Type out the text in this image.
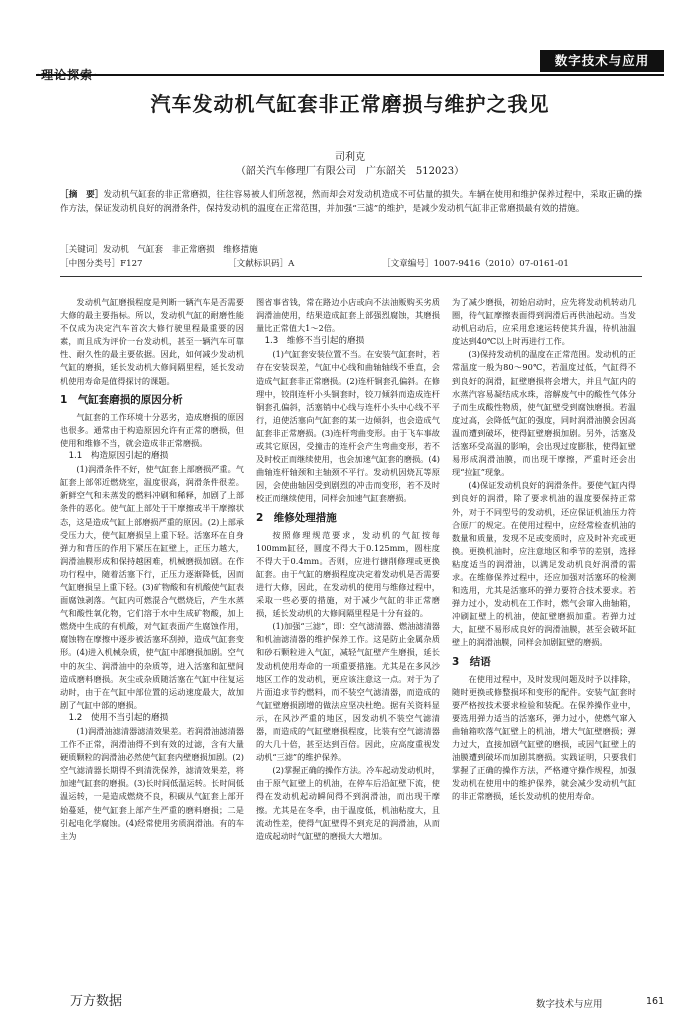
数字技术与应用
汽车发动机气缸套非正常磨损与维护之我见
司利克
（韶关汽车修理厂有限公司　广东韶关　512023）
［摘　要］发动机气缸套的非正常磨损，往往容易被人们所忽视，然而却会对发动机造成不可估量的损失。车辆在使用和维护保养过程中，采取正确的操作方法，保证发动机良好的润滑条件，保持发动机的温度在正常范围，并加强“三滤”的维护，是减少发动机气缸非正常磨损最有效的措施。
［关键词］发动机　气缸套　非正常磨损　维修措施
［中图分类号］F127	［文献标识码］A	［文章编号］1007-9416（2010）07-0161-01

发动机气缸磨损程度是判断一辆汽车是否需要大修的最主要指标。所以，发动机气缸的耐磨性能不仅成为决定汽车首次大修行驶里程最重要的因素，而且成为评价一台发动机，甚至一辆汽车可靠性、耐久性的最主要依据。因此，如何减少发动机气缸的磨损，延长发动机大修间隔里程，延长发动机使用寿命是值得探讨的课题。

1　气缸套磨损的原因分析

气缸套的工作环境十分恶劣，造成磨损的原因也很多。通常由于构造原因允许有正常的磨损，但使用和维修不当，就会造成非正常磨损。

1.1　构造原因引起的磨损

(1)润滑条件不好，使气缸套上部磨损严重。气缸套上部邻近燃烧室，温度很高，润滑条件很差。新鲜空气和未蒸发的燃料冲刷和稀释，加剧了上部条件的恶化。使气缸上部处于干摩擦或半干摩擦状态，这是造成气缸上部磨损严重的原因。(2)上部承受压力大，使气缸磨损呈上重下轻。活塞环在自身弹力和背压的作用下紧压在缸壁上，正压力越大，润滑油膜形成和保持越困难，机械磨损加剧。在作功行程中，随着活塞下行，正压力逐渐降低，因而气缸磨损呈上重下轻。(3)矿物酸和有机酸使气缸表面腐蚀剥落。气缸内可燃混合气燃烧后，产生水蒸气和酸性氧化物，它们溶于水中生成矿物酸，加上燃烧中生成的有机酸，对气缸表面产生腐蚀作用，腐蚀物在摩擦中逐步被活塞环刮掉，造成气缸套变形。(4)进入机械杂质，使气缸中部磨损加剧。空气中的灰尘、润滑油中的杂质等，进入活塞和缸壁间造成磨料磨损。灰尘或杂质随活塞在气缸中往复运动时，由于在气缸中部位置的运动速度最大，故加剧了气缸中部的磨损。

1.2　使用不当引起的磨损

(1)润滑油滤清器滤清效果差。若润滑油滤清器工作不正常，润滑油得不到有效的过滤，含有大量硬质颗粒的润滑油必然使气缸套内壁磨损加剧。(2)空气滤清器长期得不到清洗保养，滤清效果差，将加速气缸套的磨损。(3)长时间低温运转。长时间低温运转，一是造成燃烧不良，积碳从气缸套上部开始蔓延，使气缸套上部产生严重的磨料磨损；二是引起电化学腐蚀。(4)经常使用劣质润滑油。有的车主为

图省事省钱，常在路边小店或向不法油贩购买劣质润滑油使用，结果造成缸套上部强烈腐蚀，其磨损量比正常值大1～2倍。

1.3　维修不当引起的磨损

(1)气缸套安装位置不当。在安装气缸套时，若存在安装误差，气缸中心线和曲轴轴线不垂直，会造成气缸套非正常磨损。(2)连杆铜套孔偏斜。在修理中，铰削连杆小头铜套时，铰刀倾斜而造成连杆铜套孔偏斜，活塞销中心线与连杆小头中心线不平行，迫使活塞向气缸套的某一边倾斜，也会造成气缸套非正常磨损。(3)连杆弯曲变形。由于飞车事故或其它原因，受撞击的连杆会产生弯曲变形，若不及时校正而继续使用，也会加速气缸套的磨损。(4)曲轴连杆轴颈和主轴颈不平行。发动机因烧瓦等原因，会使曲轴因受到剧烈的冲击而变形，若不及时校正而继续使用，同样会加速气缸套磨损。

2　维修处理措施

按照修理规范要求，发动机的气缸按每100mm缸径，圆度不得大于0.125mm，圆柱度不得大于0.4mm。否则，应进行搪削修理或更换缸套。由于气缸的磨损程度决定着发动机是否需要进行大修，因此，在发动机的使用与维修过程中，采取一些必要的措施，对于减少气缸的非正常磨损，延长发动机的大修间隔里程是十分有益的。

(1)加强“三滤”，即：空气滤清器、燃油滤清器和机油滤清器的维护保养工作。这是防止金属杂质和砂石颗粒进入气缸，减轻气缸壁产生磨损，延长发动机使用寿命的一项重要措施。尤其是在多风沙地区工作的发动机，更应该注意这一点。对于为了片面追求节约燃料，而不装空气滤清器，而造成的气缸壁磨损剧增的做法应坚决杜绝。据有关资料显示，在风沙严重的地区，因发动机不装空气滤清器，而造成的气缸壁磨损程度，比装有空气滤清器的大几十倍，甚至达到百倍。因此，应高度重视发动机“三滤”的维护保养。

(2)掌握正确的操作方法。冷车起动发动机时，由于原气缸壁上的机油，在停车后沿缸壁下流，使得在发动机起动瞬间得不到润滑油，而出现干摩擦。尤其是在冬季，由于温度低，机油粘度大，且流动性差，使得气缸壁得不到充足的润滑油，从而造成起动时气缸壁的磨损大大增加。

为了减少磨损，初始启动时，应先将发动机转动几圈，待气缸摩擦表面得到润滑后再供油起动。当发动机启动后，应采用怠速运转使其升温，待机油温度达到40℃以上时再进行工作。

(3)保持发动机的温度在正常范围。发动机的正常温度一般为80～90℃，若温度过低，气缸得不到良好的润滑，缸壁磨损将会增大，并且气缸内的水蒸汽容易凝结成水珠，溶解废气中的酸性气体分子而生成酸性物质，使气缸壁受到腐蚀磨损。若温度过高，会降低气缸的强度，同时润滑油膜会因高温而遭到破坏，使得缸壁磨损加剧。另外，活塞及活塞环受高温的影响，会出现过度膨胀，使得缸壁易形成润滑油膜，而出现干摩擦，严重时还会出现“拉缸”现象。

(4)保证发动机良好的润滑条件。要使气缸内得到良好的润滑，除了要求机油的温度要保持正常外，对于不同型号的发动机，还应保证机油压力符合原厂的规定。在使用过程中，应经常检查机油的数量和质量，发现不足或变质时，应及时补充或更换。更换机油时，应注意地区和季节的差别，选择粘度适当的润滑油，以满足发动机良好润滑的需求。在维修保养过程中，还应加强对活塞环的检测和选用，尤其是活塞环的弹力要符合技术要求。若弹力过小，发动机在工作时，燃气会窜入曲轴箱，冲刷缸壁上的机油，使缸壁磨损加重。若弹力过大，缸壁不易形成良好的润滑油膜，甚至会破坏缸壁上的润滑油膜，同样会加剧缸壁的磨损。

3　结语

在使用过程中，及时发现问题及时予以排除，随时更换或修整损坏和变形的配件。安装气缸套时要严格按技术要求检验和装配。在保养操作业中，要选用弹力适当的活塞环，弹力过小，使燃气窜入曲轴箱吹落气缸壁上的机油，增大气缸壁磨损；弹力过大，直接加剧气缸壁的磨损，或因气缸壁上的油膜遭到破坏而加剧其磨损。实践证明，只要我们掌握了正确的操作方法，严格遵守操作规程，加强发动机在使用中的维护保养，就会减少发动机气缸的非正常磨损，延长发动机的使用寿命。

万方数据	数字技术与应用	161
